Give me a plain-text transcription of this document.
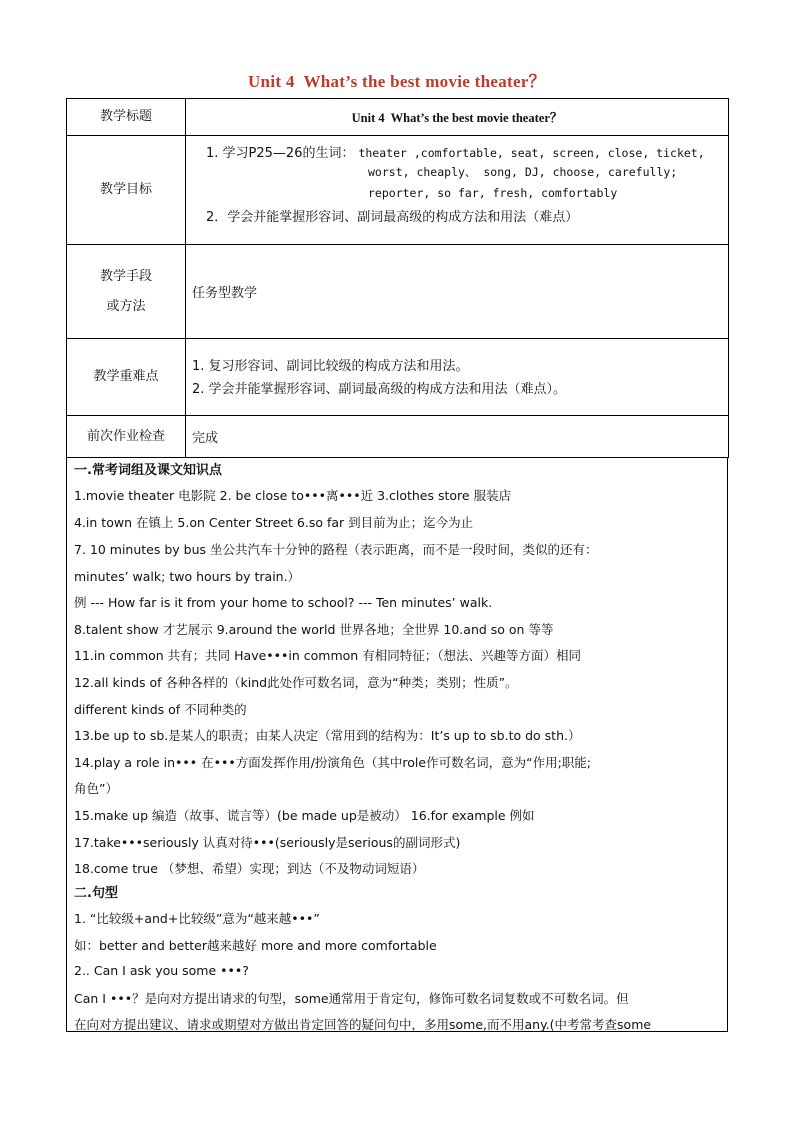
Unit 4  What’s the best movie theater？
教学标题	Unit 4  What’s the best movie theater？
教学目标	1. 学习P25—26的生词： theater ,comfortable, seat, screen, close, ticket,
worst, cheaply、 song, DJ, choose, carefully;
reporter, so far, fresh, comfortably
2．学会并能掌握形容词、副词最高级的构成方法和用法（难点）

教学手段
或方法	任务型教学
教学重难点	1. 复习形容词、副词比较级的构成方法和用法。
2. 学会并能掌握形容词、副词最高级的构成方法和用法（难点）。

前次作业检查	完成
一.常考词组及课文知识点
1.movie theater 电影院 2. be close to•••离•••近 3.clothes store 服装店
4.in town 在镇上 5.on Center Street 6.so far 到目前为止；迄今为止
7. 10 minutes by bus 坐公共汽车十分钟的路程（表示距离，而不是一段时间，类似的还有：
minutes’ walk; two hours by train.）
例 --- How far is it from your home to school? --- Ten minutes’ walk.
8.talent show 才艺展示 9.around the world 世界各地；全世界 10.and so on 等等
11.in common 共有；共同 Have•••in common 有相同特征；（想法、兴趣等方面）相同
12.all kinds of 各种各样的（kind此处作可数名词，意为“种类；类别；性质”。
different kinds of 不同种类的
13.be up to sb.是某人的职责；由某人决定（常用到的结构为：It’s up to sb.to do sth.）
14.play a role in••• 在•••方面发挥作用/扮演角色（其中role作可数名词，意为“作用;职能;
角色”）
15.make up 编造（故事、谎言等）(be made up是被动） 16.for example 例如
17.take•••seriously 认真对待•••(seriously是serious的副词形式)
18.come true （梦想、希望）实现；到达（不及物动词短语）
二.句型
1. “比较级+and+比较级”意为“越来越•••”
如：better and better越来越好 more and more comfortable
2.. Can I ask you some •••?
Can I •••？是向对方提出请求的句型，some通常用于肯定句，修饰可数名词复数或不可数名词。但
在向对方提出建议、请求或期望对方做出肯定回答的疑问句中，多用some,而不用any.(中考常考查some
